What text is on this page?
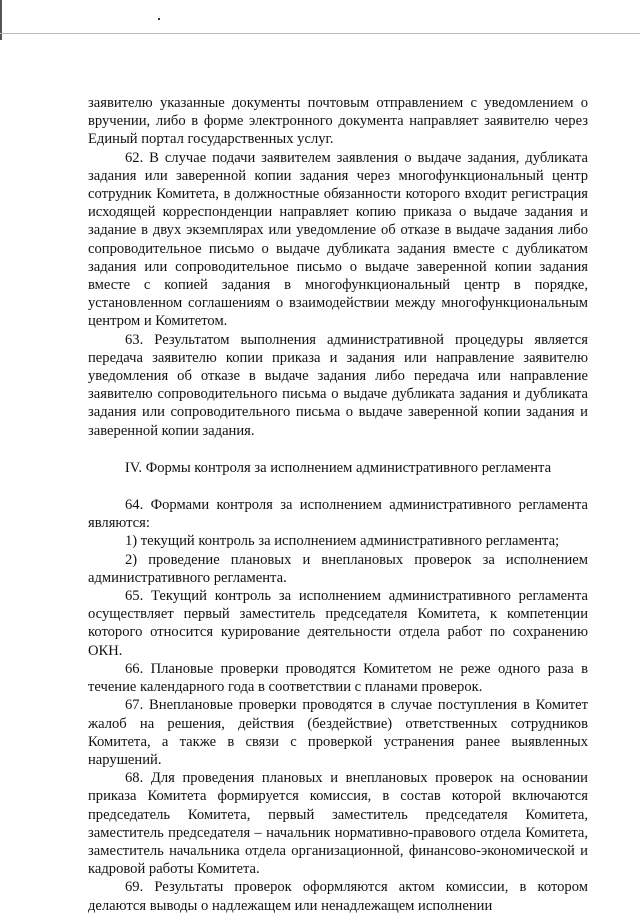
заявителю указанные документы почтовым отправлением с уведомлением о вручении, либо в форме электронного документа направляет заявителю через Единый портал государственных услуг.

62. В случае подачи заявителем заявления о выдаче задания, дубликата задания или заверенной копии задания через многофункциональный центр сотрудник Комитета, в должностные обязанности которого входит регистрация исходящей корреспонденции направляет копию приказа о выдаче задания и задание в двух экземплярах или уведомление об отказе в выдаче задания либо сопроводительное письмо о выдаче дубликата задания вместе с дубликатом задания или сопроводительное письмо о выдаче заверенной копии задания вместе с копией задания в многофункциональный центр в порядке, установленном соглашениям о взаимодействии между многофункциональным центром и Комитетом.

63. Результатом выполнения административной процедуры является передача заявителю копии приказа и задания или направление заявителю уведомления об отказе в выдаче задания либо передача или направление заявителю сопроводительного письма о выдаче дубликата задания и дубликата задания или сопроводительного письма о выдаче заверенной копии задания и заверенной копии задания.

IV. Формы контроля за исполнением административного регламента

64. Формами контроля за исполнением административного регламента являются:

1) текущий контроль за исполнением административного регламента;

2) проведение плановых и внеплановых проверок за исполнением административного регламента.

65. Текущий контроль за исполнением административного регламента осуществляет первый заместитель председателя Комитета, к компетенции которого относится курирование деятельности отдела работ по сохранению ОКН.

66. Плановые проверки проводятся Комитетом не реже одного раза в течение календарного года в соответствии с планами проверок.

67. Внеплановые проверки проводятся в случае поступления в Комитет жалоб на решения, действия (бездействие) ответственных сотрудников Комитета, а также в связи с проверкой устранения ранее выявленных нарушений.

68. Для проведения плановых и внеплановых проверок на основании приказа Комитета формируется комиссия, в состав которой включаются председатель Комитета, первый заместитель председателя Комитета, заместитель председателя – начальник нормативно-правового отдела Комитета, заместитель начальника отдела организационной, финансово-экономической и кадровой работы Комитета.

69. Результаты проверок оформляются актом комиссии, в котором делаются выводы о надлежащем или ненадлежащем исполнении
